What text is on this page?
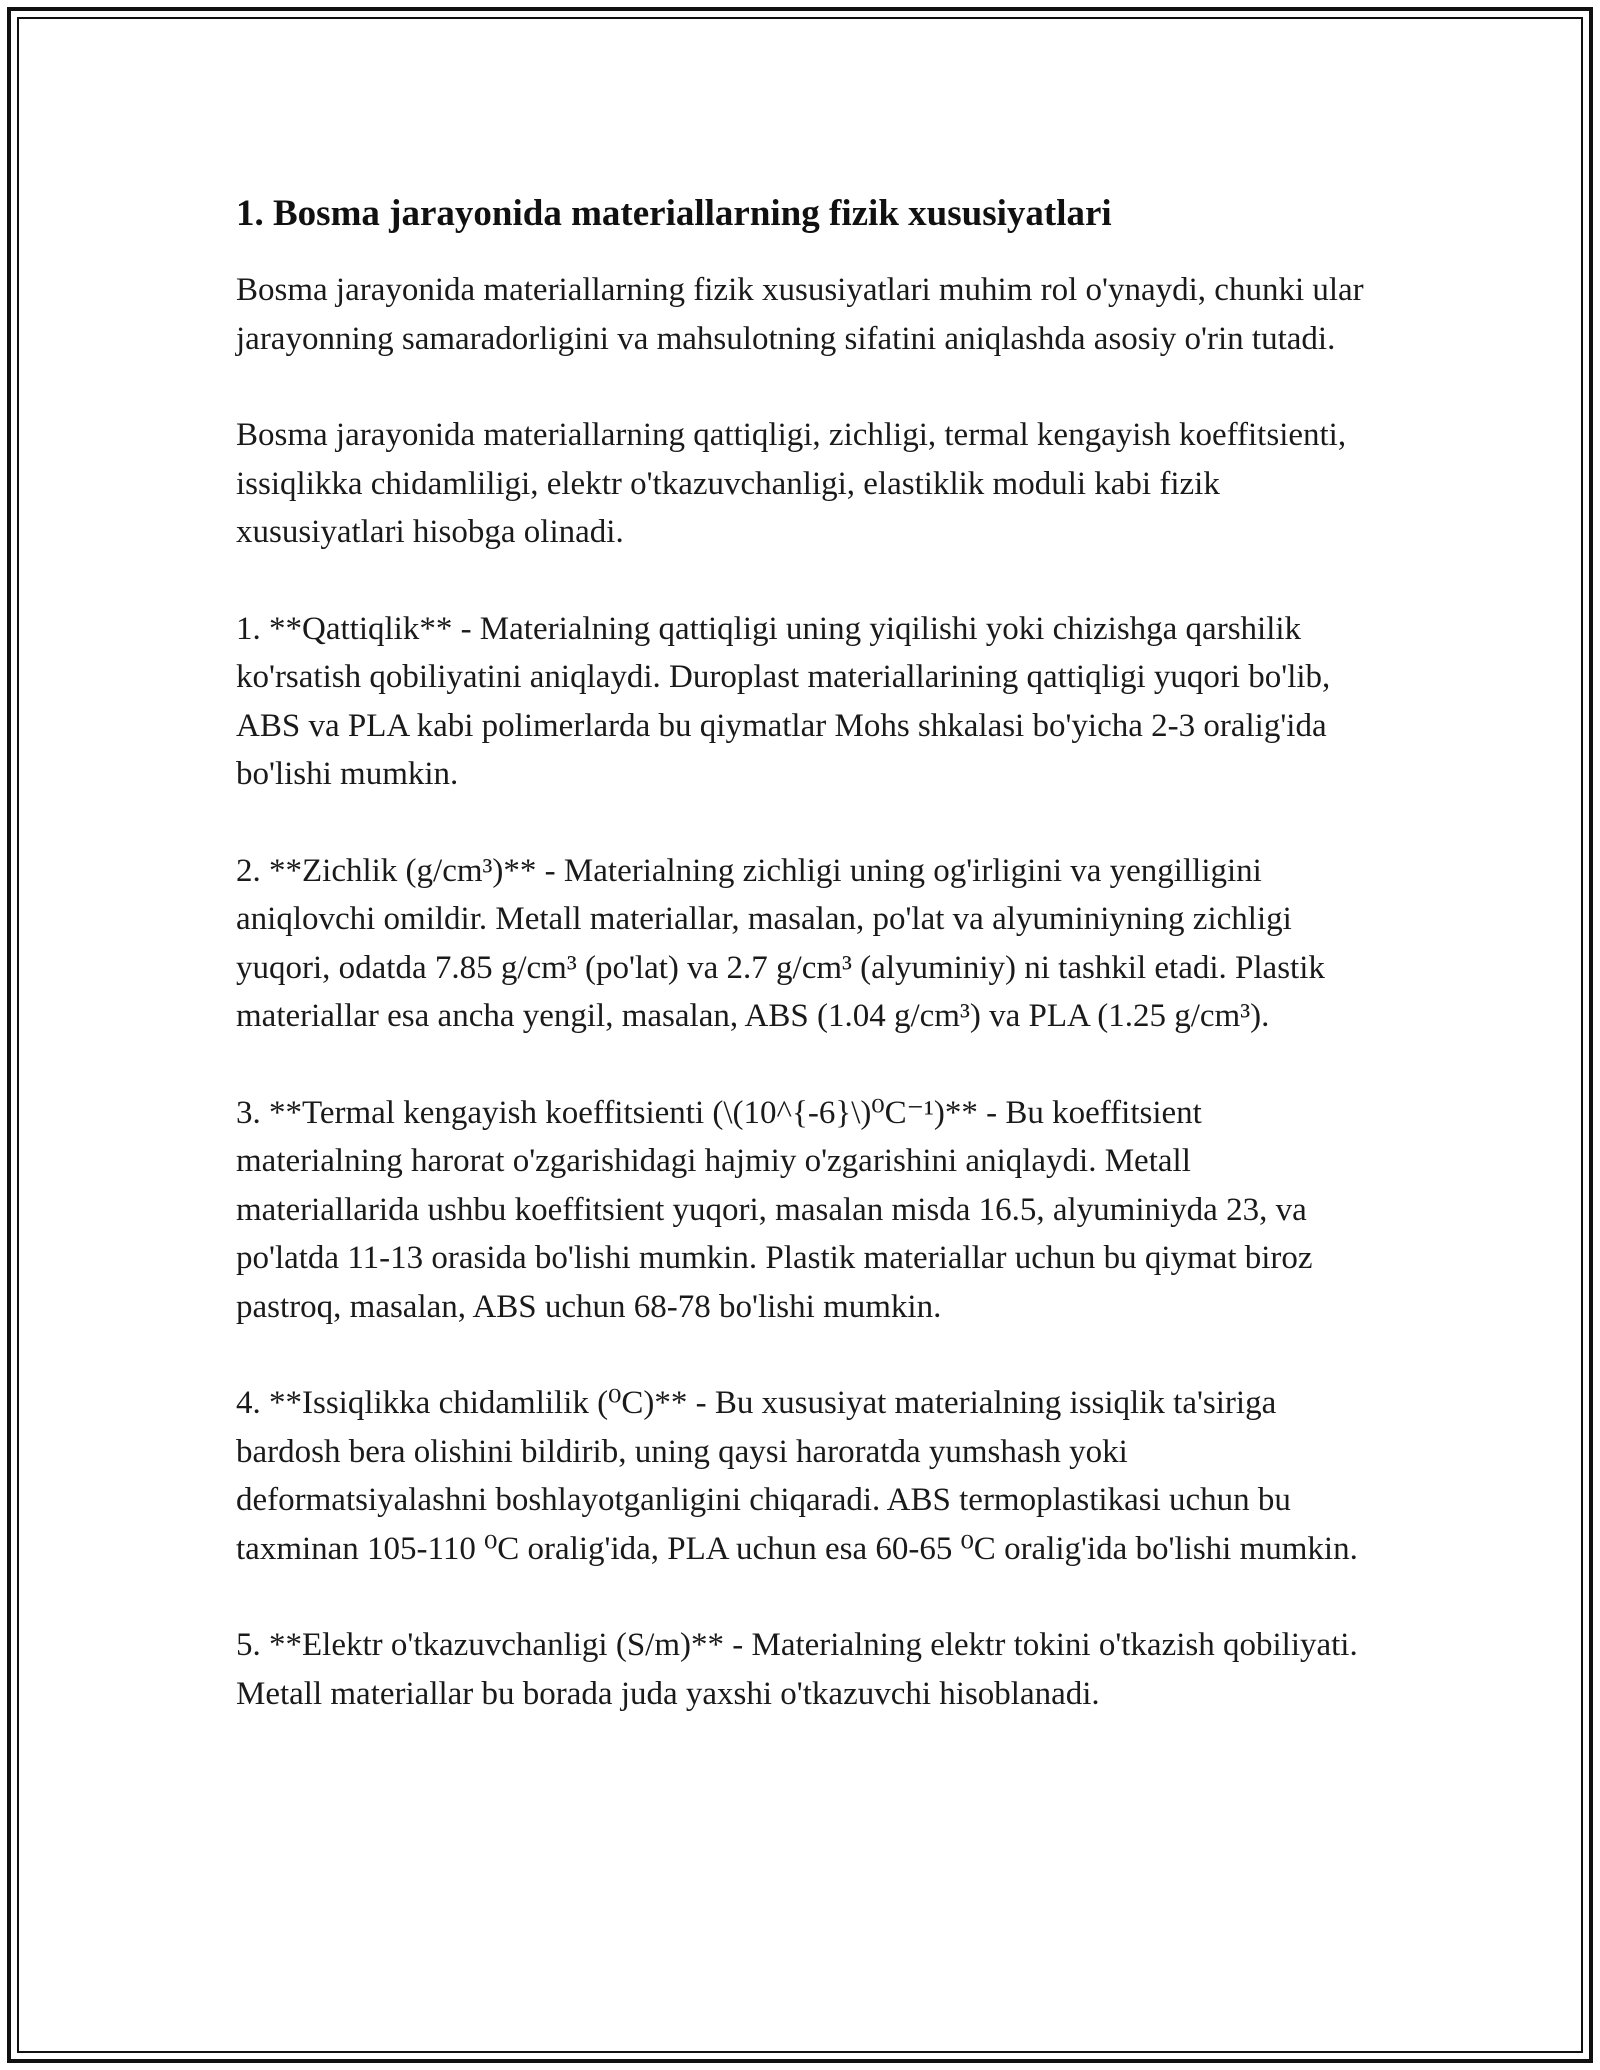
1. Bosma jarayonida materiallarning fizik xususiyatlari

Bosma jarayonida materiallarning fizik xususiyatlari muhim rol o'ynaydi, chunki ular jarayonning samaradorligini va mahsulotning sifatini aniqlashda asosiy o'rin tutadi.

Bosma jarayonida materiallarning qattiqligi, zichligi, termal kengayish koeffitsienti, issiqlikka chidamliligi, elektr o'tkazuvchanligi, elastiklik moduli kabi fizik xususiyatlari hisobga olinadi.

1. **Qattiqlik** - Materialning qattiqligi uning yiqilishi yoki chizishga qarshilik ko'rsatish qobiliyatini aniqlaydi. Duroplast materiallarining qattiqligi yuqori bo'lib, ABS va PLA kabi polimerlarda bu qiymatlar Mohs shkalasi bo'yicha 2-3 oralig'ida bo'lishi mumkin.

2. **Zichlik (g/cm³)** - Materialning zichligi uning og'irligini va yengilligini aniqlovchi omildir. Metall materiallar, masalan, po'lat va alyuminiyning zichligi yuqori, odatda 7.85 g/cm³ (po'lat) va 2.7 g/cm³ (alyuminiy) ni tashkil etadi. Plastik materiallar esa ancha yengil, masalan, ABS (1.04 g/cm³) va PLA (1.25 g/cm³).

3. **Termal kengayish koeffitsienti (\(10^{-6}\)⁰C⁻¹)** - Bu koeffitsient materialning harorat o'zgarishidagi hajmiy o'zgarishini aniqlaydi. Metall materiallarida ushbu koeffitsient yuqori, masalan misda 16.5, alyuminiyda 23, va po'latda 11-13 orasida bo'lishi mumkin. Plastik materiallar uchun bu qiymat biroz pastroq, masalan, ABS uchun 68-78 bo'lishi mumkin.

4. **Issiqlikka chidamlilik (⁰C)** - Bu xususiyat materialning issiqlik ta'siriga bardosh bera olishini bildirib, uning qaysi haroratda yumshash yoki deformatsiyalashni boshlayotganligini chiqaradi. ABS termoplastikasi uchun bu taxminan 105-110 ⁰C oralig'ida, PLA uchun esa 60-65 ⁰C oralig'ida bo'lishi mumkin.

5. **Elektr o'tkazuvchanligi (S/m)** - Materialning elektr tokini o'tkazish qobiliyati. Metall materiallar bu borada juda yaxshi o'tkazuvchi hisoblanadi.
